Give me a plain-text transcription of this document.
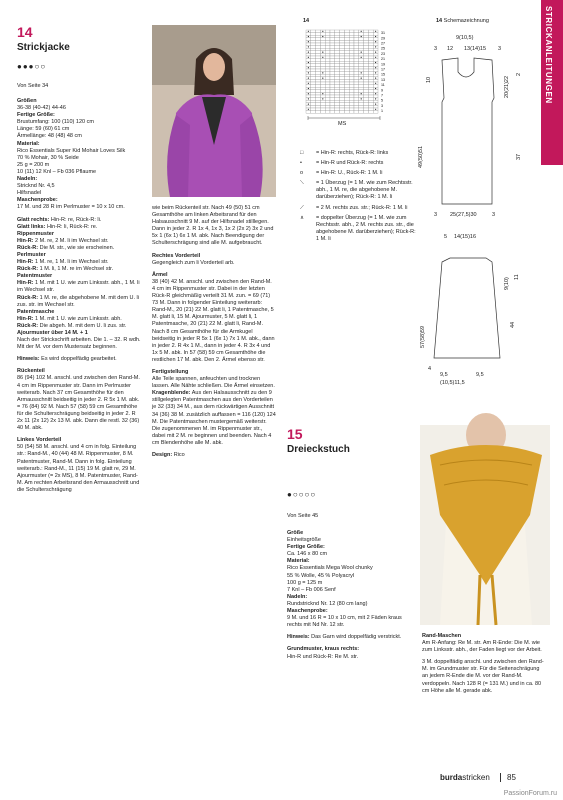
STRICKANLEITUNGEN
14
Strickjacke
●●●○○
Von Seite 34
Größen
36-38 (40-42) 44-46
Fertige Größe:
Brustumfang: 100 (110) 120 cm
Länge: 59 (60) 61 cm
Ärmellänge: 48 (48) 48 cm
Material:
Rico Essentials Super Kid Mohair Loves Silk
70 % Mohair, 30 % Seide
25 g = 200 m
10 (11) 12 Knl – Fb 036 Pflaume
Nadeln:
Stricknd Nr. 4,5
Hilfsnadel
Maschenprobe:
17 M. und 28 R im Perlmuster = 10 x 10 cm.
Glatt rechts: Hin-R: re, Rück-R: li.
Glatt links: Hin-R: li, Rück-R: re.
Rippenmuster
Hin-R: 2 M. re, 2 M. li im Wechsel str.
Rück-R: Die M. str., wie sie erscheinen.
Perlmuster
Hin-R: 1 M. re, 1 M. li im Wechsel str.
Rück-R: 1 M. li, 1 M. re im Wechsel str.
Patentmuster
Hin-R: 1 M. mit 1 U. wie zum Linksstr. abh., 1 M. li im Wechsel str.
Rück-R: 1 M. re, die abgehobene M. mit dem U. li zus. str. im Wechsel str.
Patentmasche
Hin-R: 1 M. mit 1 U. wie zum Linksstr. abh.
Rück-R: Die abgeh. M. mit dem U. li zus. str.
Ajourmuster über 14 M. + 1
Nach der Strickschrift arbeiten. Die 1. – 32. R wdh. Mit der M. vor dem Mustersatz beginnen.
Hinweis: Es wird doppelfädig gearbeitet.
Rückenteil
86 (94) 102 M. anschl. und zwischen den Rand-M. 4 cm im Rippenmuster str. Dann im Perlmuster weiterarb. Nach 37 cm Gesamthöhe für den Armausschnitt beidseitig in jeder 2. R 5x 1 M. abk. = 76 (84) 92 M. Nach 57 (58) 59 cm Gesamthöhe für die Schulterschrägung beidseitig in jeder 2. R 2x 11 (2x 12) 2x 13 M. abk. Dann die restl. 32 (36) 40 M. abk.
Linkes Vorderteil
50 (54) 58 M. anschl. und 4 cm in folg. Einteilung str.: Rand-M., 40 (44) 48 M. Rippenmuster, 8 M. Patentmuster, Rand-M. Dann in folg. Einteilung weiterarb.: Rand-M., 11 (15) 19 M. glatt re, 29 M. Ajourmuster (= 2x MS), 8 M. Patentmuster, Rand-M. Am rechten Arbeitsrand den Armausschnitt und die Schulterschrägung
wie beim Rückenteil str. Nach 49 (50) 51 cm Gesamthöhe am linken Arbeitsrand für den Halsausschnitt 9 M. auf der Hilfsnadel stilllegen. Dann in jeder 2. R 1x 4, 1x 3, 1x 2 (2x 2) 3x 2 und 5x 1 (6x 1) 6x 1 M. abk. Nach Beendigung der Schulterschrägung sind alle M. aufgebraucht.
Rechtes Vorderteil
Gegengleich zum li Vorderteil arb.
Ärmel
38 (40) 42 M. anschl. und zwischen den Rand-M. 4 cm im Rippenmuster str. Dabei in der letzten Rück-R gleichmäßig verteilt 31 M. zun. = 69 (71) 73 M. Dann in folgender Einteilung weiterarb: Rand-M., 20 (21) 22 M. glatt li, 1 Patentmasche, 5 M. glatt li, 15 M. Ajourmuster, 5 M. glatt li, 1 Patentmasche, 20 (21) 22 M. glatt li, Rand-M. Nach 8 cm Gesamthöhe für die Armkugel beidseitig in jeder R 5x 1 (6x 1) 7x 1 M. abk., dann in jeder 2. R 4x 1 M., dann in jeder 4. R 3x 4 und 1x 5 M. abk. In 57 (58) 59 cm Gesamthöhe die restlichen 17 M. abk. Den 2. Ärmel ebenso str.
Fertigstellung
Alle Teile spannen, anfeuchten und trocknen lassen. Alle Nähte schließen. Die Ärmel einsetzen.
Kragenblende: Aus den Halsausschnitt zu den 9 stillgelegten Patentmaschen aus den Vorderteilen je 32 (33) 34 M., aus dem rückwärtigen Ausschnitt 34 (36) 38 M. zusätzlich auffassen = 116 (120) 124 M. Die Patentmaschen mustergemäß weiterstr. Die zugenommenen M. im Rippenmuster str., dabei mit 2 M. re beginnen und beenden. Nach 4 cm Blendenhöhe alle M. abk.
Design: Rico
14
31
29
27
25
23
21
19
17
15
13
11
9
7
5
3
1
MS
□	= Hin-R: rechts, Rück-R: links
•	= Hin-R und Rück-R: rechts
o	= Hin-R: U., Rück-R: 1 M. li
⟍	= 1 Überzug (= 1 M. wie zum Rechtsstr. abh., 1 M. re, die abgehobene M. darüberziehen); Rück-R: 1 M. li
⟋	= 2 M. rechts zus. str.; Rück-R: 1 M. li
∧	= doppelter Überzug (= 1 M. wie zum Rechtsstr. abh., 2 M. rechts zus. str., die abgehobene M. darüberziehen); Rück-R: 1 M. li
14 Schemazeichnung
9(10,5)
3 12 13(14)15 3
20(21)22
2
37
10
49(50)51
3 25(27,5)30	3
5 14(15)16
9(10)
11
57(58)59
44
4
9,5	9,5
(10,5)11,5
15
Dreieckstuch
●○○○○
Von Seite 45
Größe
Einheitsgröße
Fertige Größe:
Ca. 146 x 80 cm
Material:
Rico Essentials Mega Wool chunky
55 % Wolle, 45 % Polyacryl
100 g = 125 m
7 Knl – Fb 006 Senf
Nadeln:
Rundstricknd Nr. 12 (80 cm lang)
Maschenprobe:
9 M. und 16 R = 10 x 10 cm, mit 2 Fäden kraus rechts mit Nd Nr. 12 str.
Hinweis: Das Garn wird doppelfädig verstrickt.
Grundmuster, kraus rechts:
Hin-R und Rück-R: Re M. str.
Rand-Maschen
Am R-Anfang: Re M. str. Am R-Ende: Die M. wie zum Linksstr. abh., der Faden liegt vor der Arbeit.
3 M. doppelfädig anschl. und zwischen den Rand-M. im Grundmuster str. Für die Seitenschrägung an jedem R-Ende die M. vor der Rand-M. verdoppeln. Nach 128 R (= 131 M.) und in ca. 80 cm Höhe alle M. gerade abk.
burdastricken 85
PassionForum.ru
